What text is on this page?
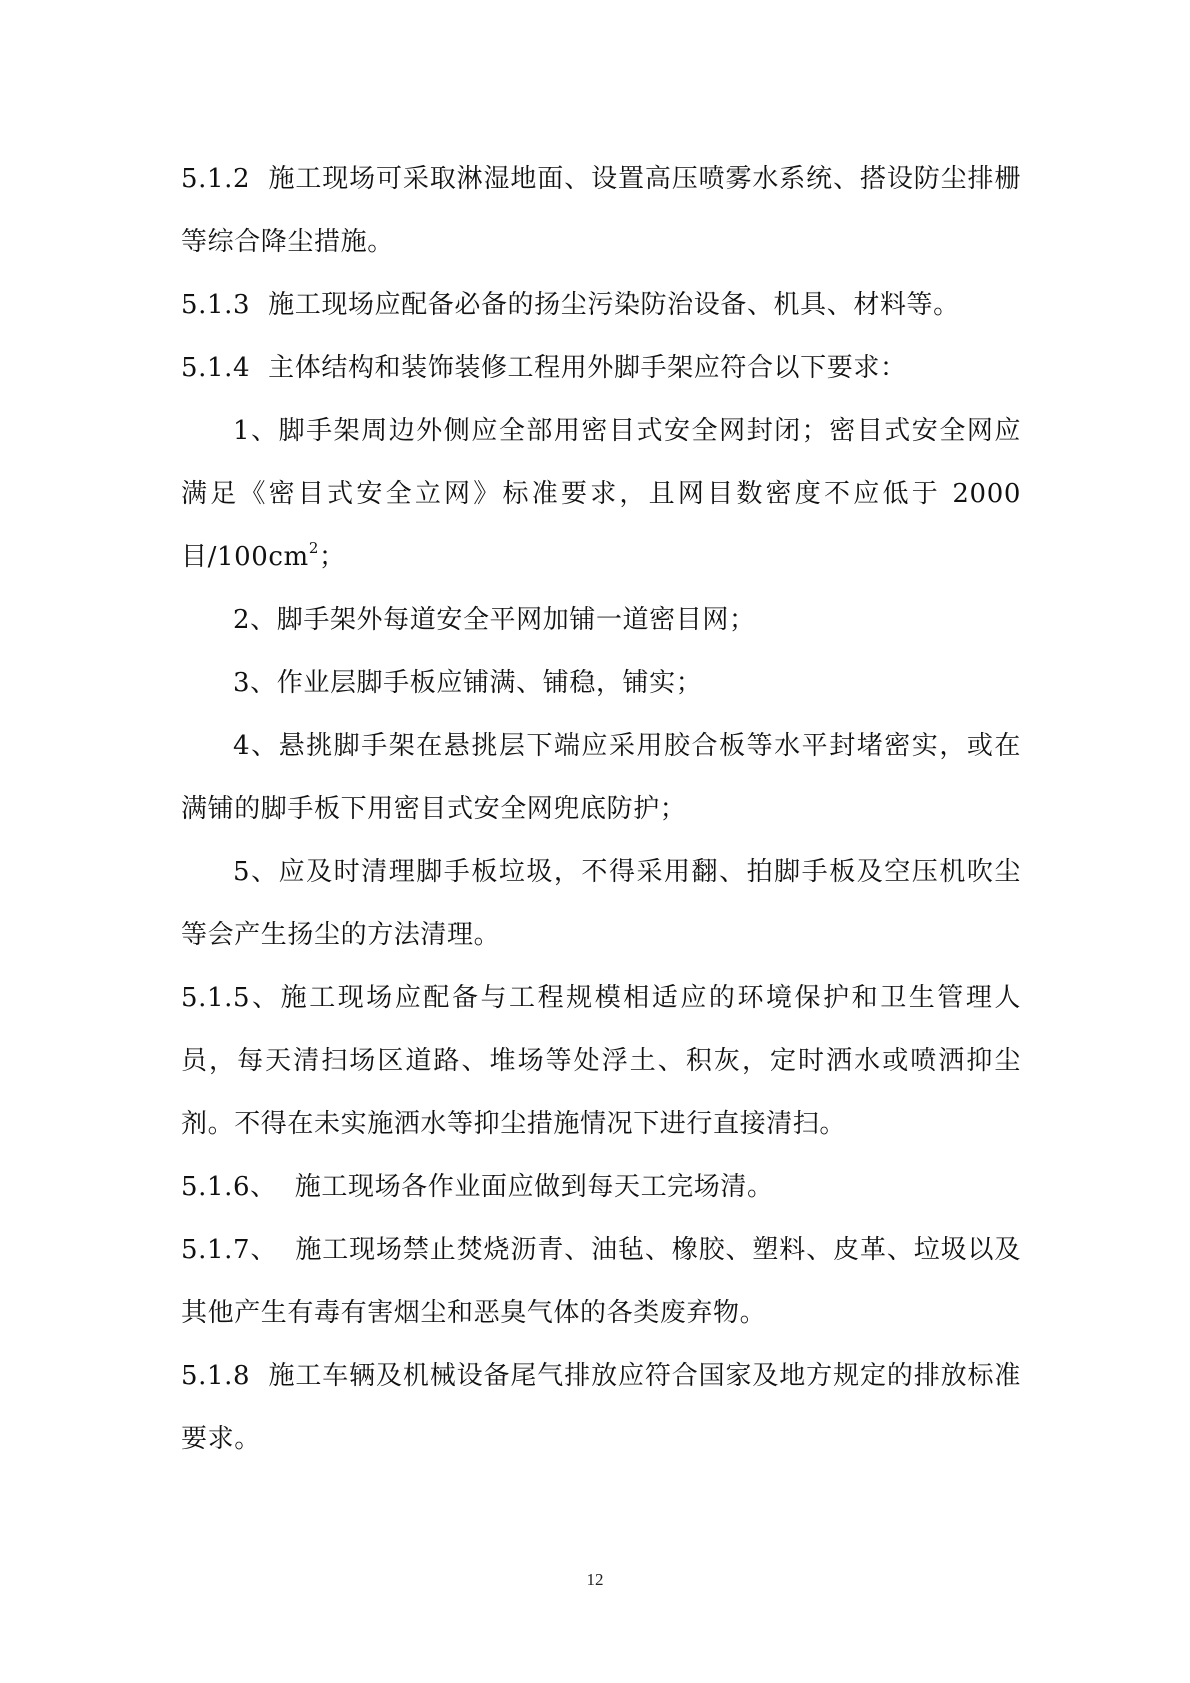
5.1.2 施工现场可采取淋湿地面、设置高压喷雾水系统、搭设防尘排栅等综合降尘措施。

5.1.3 施工现场应配备必备的扬尘污染防治设备、机具、材料等。

5.1.4 主体结构和装饰装修工程用外脚手架应符合以下要求：

1、脚手架周边外侧应全部用密目式安全网封闭；密目式安全网应满足《密目式安全立网》标准要求，且网目数密度不应低于 2000 目$/100cm^2$；

2、脚手架外每道安全平网加铺一道密目网；

3、作业层脚手板应铺满、铺稳，铺实；

4、悬挑脚手架在悬挑层下端应采用胶合板等水平封堵密实，或在满铺的脚手板下用密目式安全网兜底防护；

5、应及时清理脚手板垃圾，不得采用翻、拍脚手板及空压机吹尘等会产生扬尘的方法清理。

5.1.5、施工现场应配备与工程规模相适应的环境保护和卫生管理人员，每天清扫场区道路、堆场等处浮土、积灰，定时洒水或喷洒抑尘剂。不得在未实施洒水等抑尘措施情况下进行直接清扫。

5.1.6、 施工现场各作业面应做到每天工完场清。

5.1.7、 施工现场禁止焚烧沥青、油毡、橡胶、塑料、皮革、垃圾以及其他产生有毒有害烟尘和恶臭气体的各类废弃物。

5.1.8 施工车辆及机械设备尾气排放应符合国家及地方规定的排放标准要求。

12
